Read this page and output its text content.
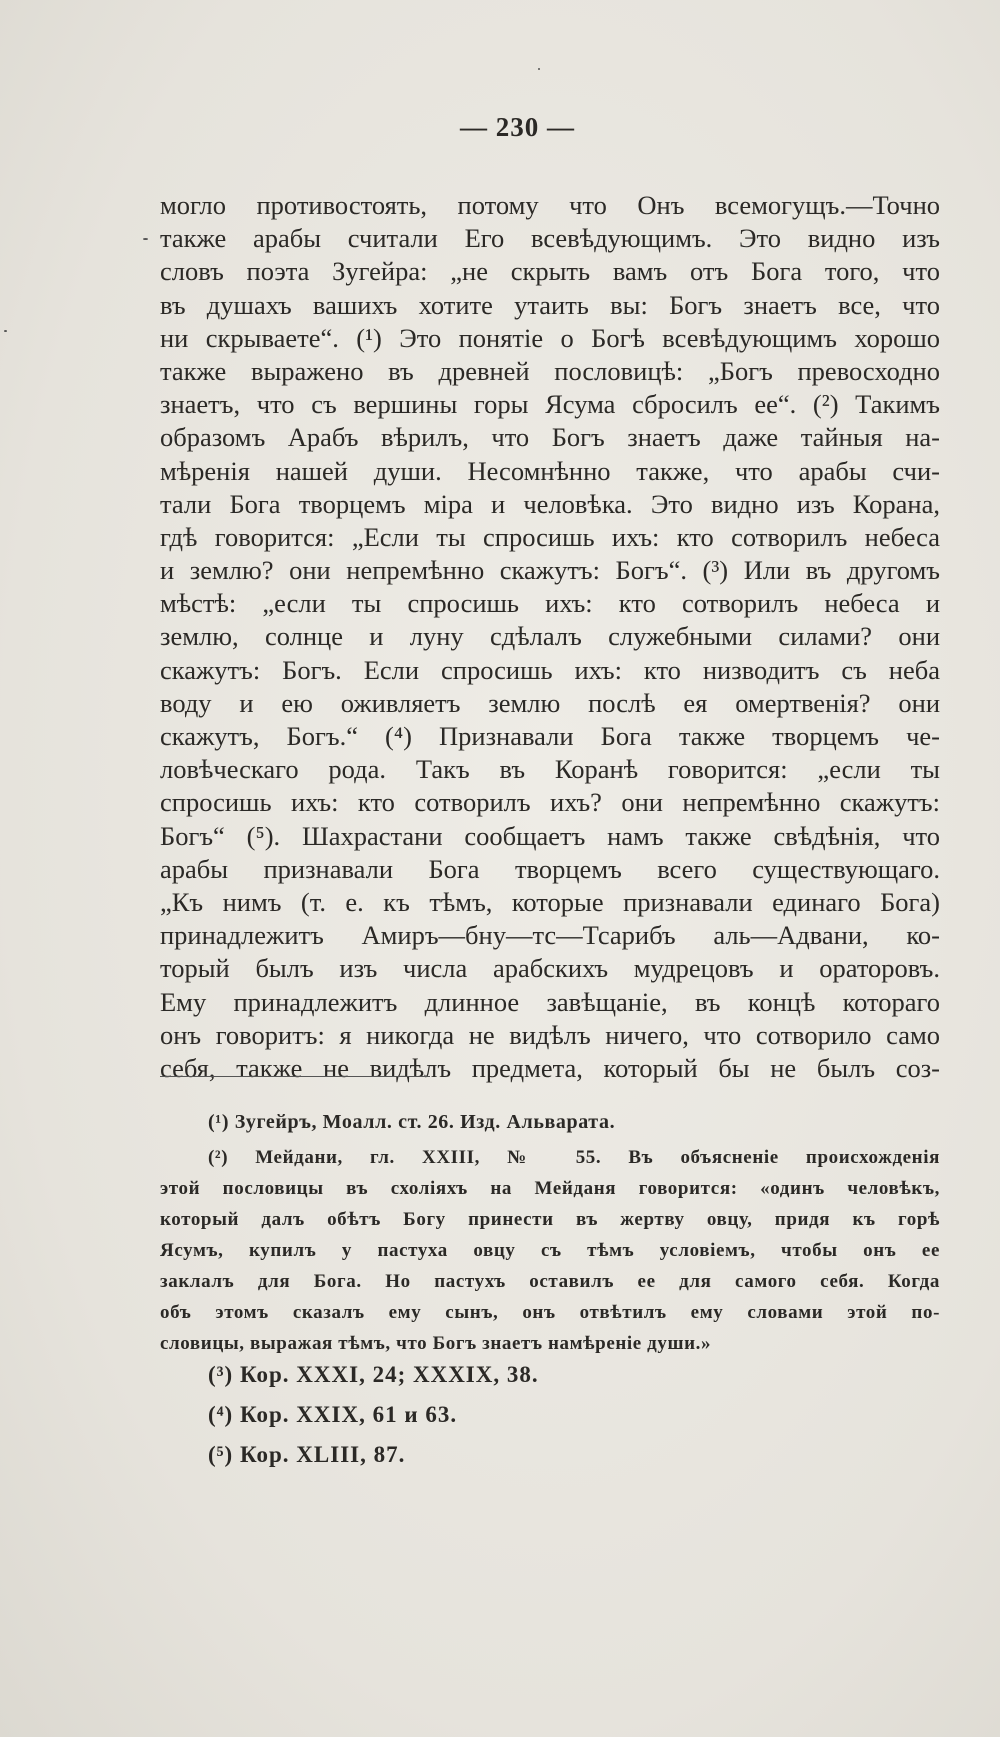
— 230 —
могло противостоять, потому что Онъ всемогущъ.—Точно
также арабы считали Его всевѣдующимъ. Это видно изъ
словъ поэта Зугейра: „не скрыть вамъ отъ Бога того, что
въ душахъ вашихъ хотите утаить вы: Богъ знаетъ все, что
ни скрываете“. (¹) Это понятіе о Богѣ всевѣдующимъ хорошо
также выражено въ древней пословицѣ: „Богъ превосходно
знаетъ, что съ вершины горы Ясума сбросилъ ее“. (²) Такимъ
образомъ Арабъ вѣрилъ, что Богъ знаетъ даже тайныя на-
мѣренія нашей души. Несомнѣнно также, что арабы счи-
тали Бога творцемъ міра и человѣка. Это видно изъ Корана,
гдѣ говорится: „Если ты спросишь ихъ: кто сотворилъ небеса
и землю? они непремѣнно скажутъ: Богъ“. (³) Или въ другомъ
мѣстѣ: „если ты спросишь ихъ: кто сотворилъ небеса и
землю, солнце и луну сдѣлалъ служебными силами? они
скажутъ: Богъ. Если спросишь ихъ: кто низводитъ съ неба
воду и ею оживляетъ землю послѣ ея омертвенія? они
скажутъ, Богъ.“ (⁴) Признавали Бога также творцемъ че-
ловѣческаго рода. Такъ въ Коранѣ говорится: „если ты
спросишь ихъ: кто сотворилъ ихъ? они непремѣнно скажутъ:
Богъ“ (⁵). Шахрастани сообщаетъ намъ также свѣдѣнія, что
арабы признавали Бога творцемъ всего существующаго.
„Къ нимъ (т. е. къ тѣмъ, которые признавали единаго Бога)
принадлежитъ Амиръ—бну—тс—Тсарибъ аль—Адвани, ко-
торый былъ изъ числа арабскихъ мудрецовъ и ораторовъ.
Ему принадлежитъ длинное завѣщаніе, въ концѣ котораго
онъ говоритъ: я никогда не видѣлъ ничего, что сотворило само
себя, также не видѣлъ предмета, который бы не былъ соз-
(¹) Зугейръ, Моалл. ст. 26. Изд. Альварата.
(²) Мейдани, гл. XXIII, № 55. Въ объясненіе происхожденія
этой пословицы въ схоліяхъ на Мейданя говорится: «одинъ человѣкъ,
который далъ обѣтъ Богу принести въ жертву овцу, придя къ горѣ
Ясумъ, купилъ у пастуха овцу съ тѣмъ условіемъ, чтобы онъ ее
заклалъ для Бога. Но пастухъ оставилъ ее для самого себя. Когда
объ этомъ сказалъ ему сынъ, онъ отвѣтилъ ему словами этой по-
словицы, выражая тѣмъ, что Богъ знаетъ намѣреніе души.»
(³) Кор. XXXI, 24; XXXIX, 38.
(⁴) Кор. XXIX, 61 и 63.
(⁵) Кор. XLIII, 87.
